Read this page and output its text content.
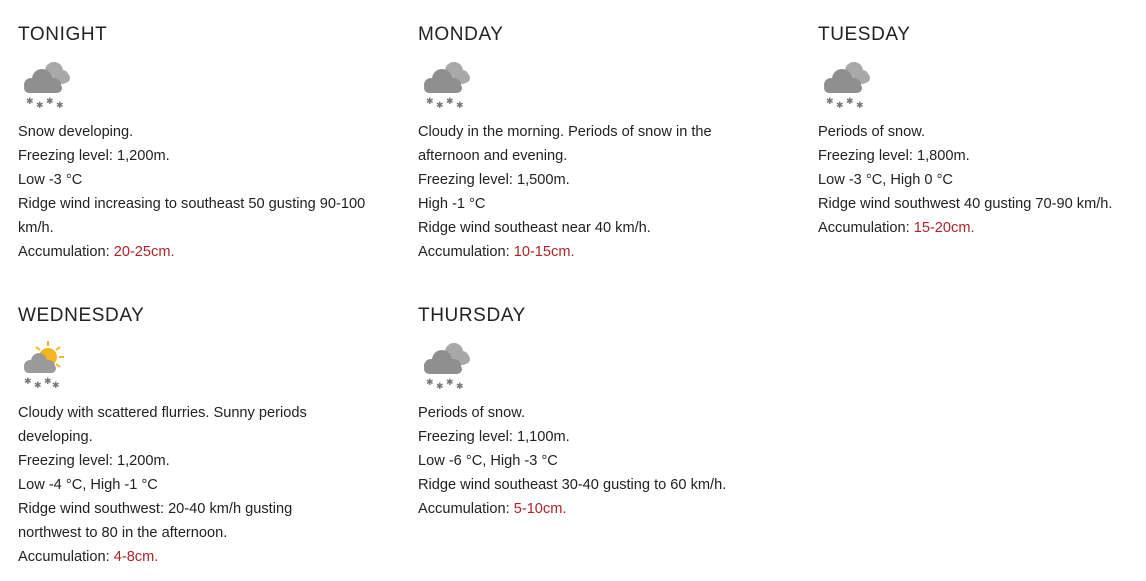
TONIGHT
✱ ✱ ✱ ✱
Snow developing.
Freezing level: 1,200m.
Low -3 °C
Ridge wind increasing to southeast 50 gusting 90-100
km/h.
Accumulation: 20-25cm.
MONDAY
✱ ✱ ✱ ✱
Cloudy in the morning. Periods of snow in the
afternoon and evening.
Freezing level: 1,500m.
High -1 °C
Ridge wind southeast near 40 km/h.
Accumulation: 10-15cm.
TUESDAY
✱ ✱ ✱ ✱
Periods of snow.
Freezing level: 1,800m.
Low -3 °C, High 0 °C
Ridge wind southwest 40 gusting 70-90 km/h.
Accumulation: 15-20cm.
WEDNESDAY
✱ ✱ ✱ ✱
Cloudy with scattered flurries. Sunny periods
developing.
Freezing level: 1,200m.
Low -4 °C, High -1 °C
Ridge wind southwest: 20-40 km/h gusting
northwest to 80 in the afternoon.
Accumulation: 4-8cm.
THURSDAY
✱ ✱ ✱ ✱
Periods of snow.
Freezing level: 1,100m.
Low -6 °C, High -3 °C
Ridge wind southeast 30-40 gusting to 60 km/h.
Accumulation: 5-10cm.
